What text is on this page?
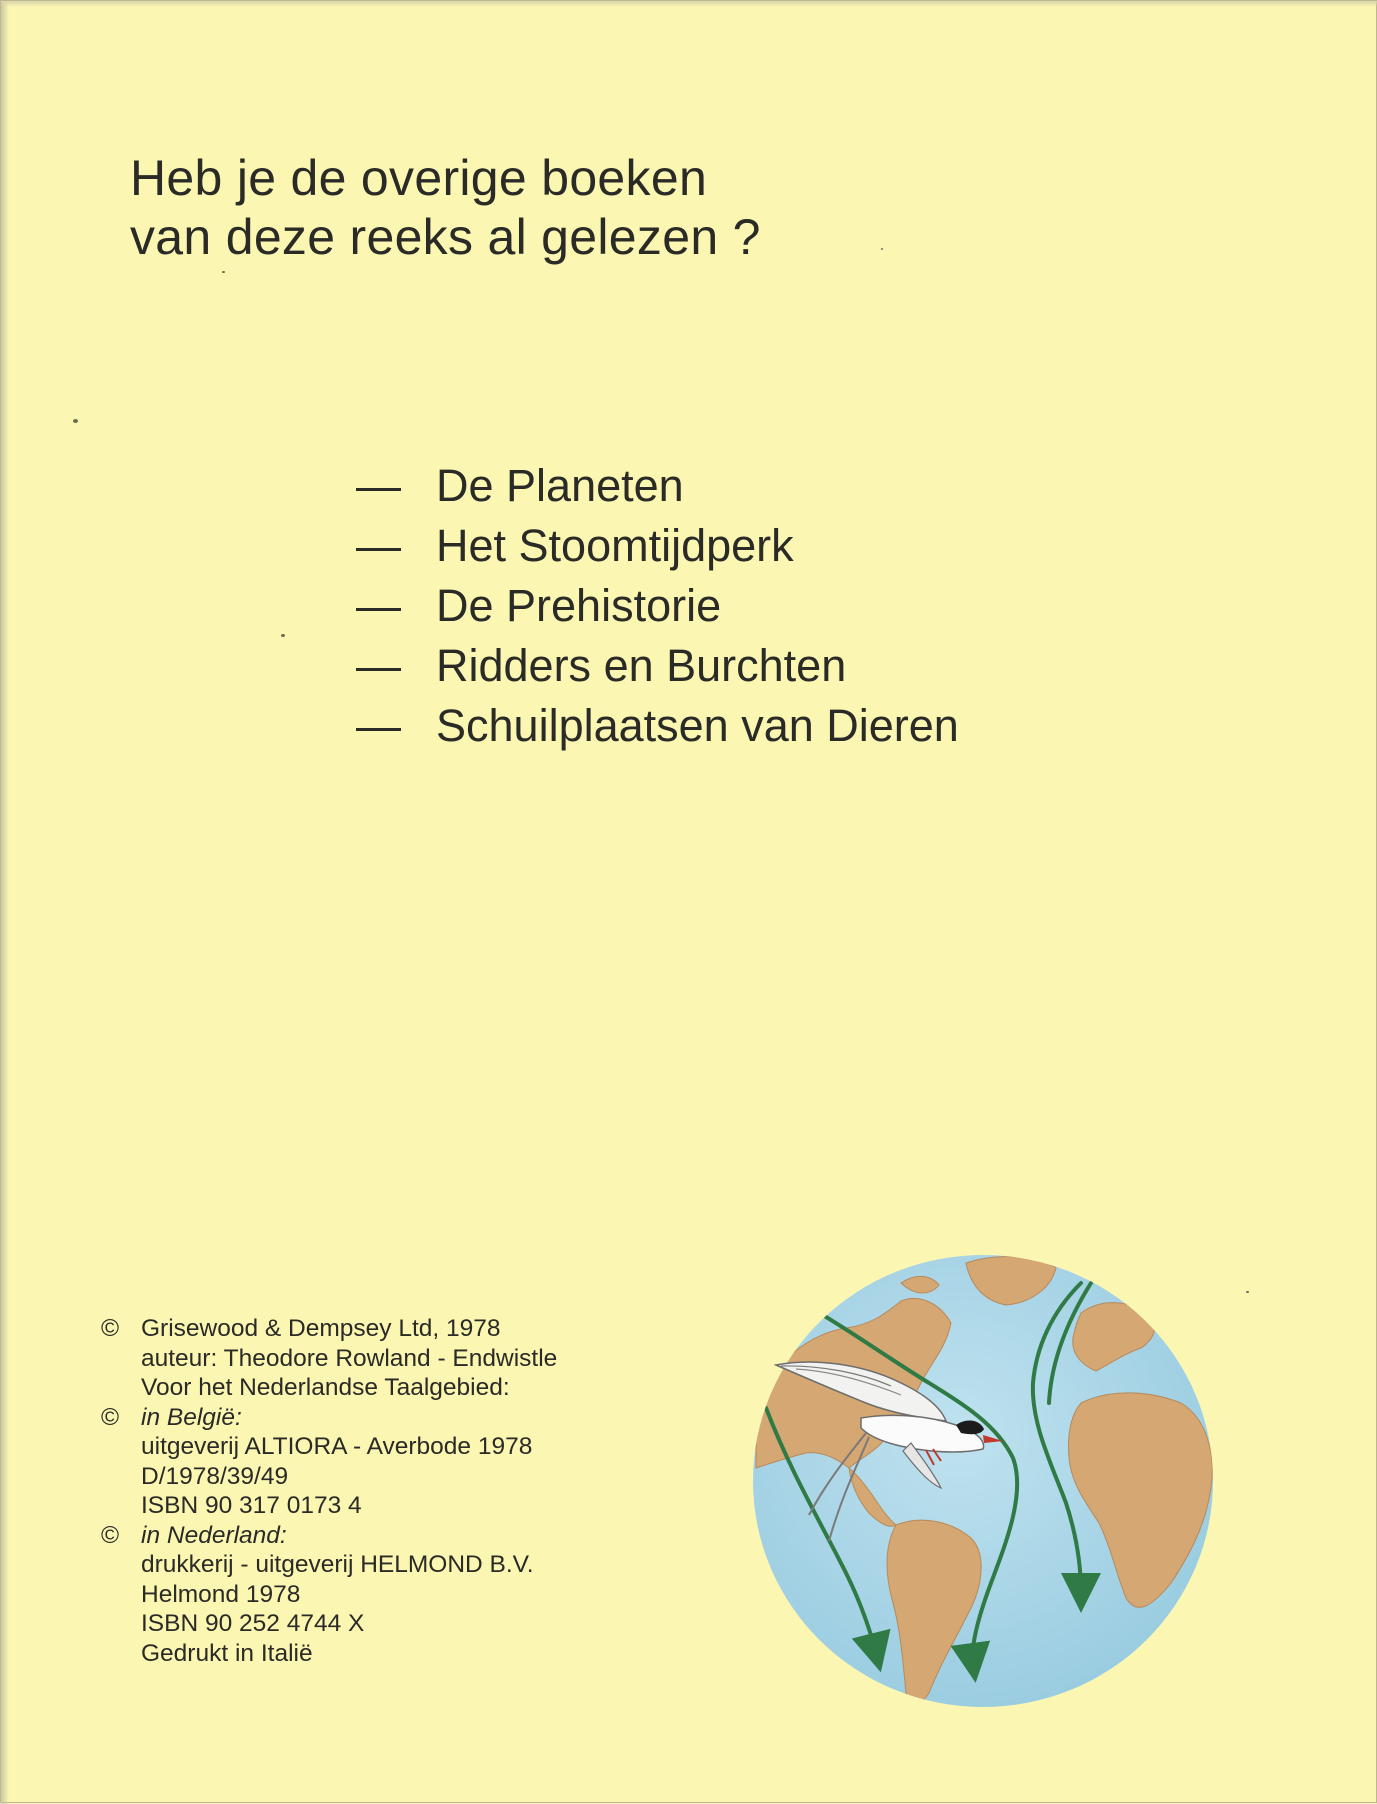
Heb je de overige boeken
van deze reeks al gelezen ?
— De Planeten
— Het Stoomtijdperk
— De Prehistorie
— Ridders en Burchten
— Schuilplaatsen van Dieren
© Grisewood & Dempsey Ltd, 1978
auteur: Theodore Rowland - Endwistle
Voor het Nederlandse Taalgebied:
© in België:
uitgeverij ALTIORA - Averbode 1978
D/1978/39/49
ISBN 90 317 0173 4
© in Nederland:
drukkerij - uitgeverij HELMOND B.V.
Helmond 1978
ISBN 90 252 4744 X
Gedrukt in Italië
